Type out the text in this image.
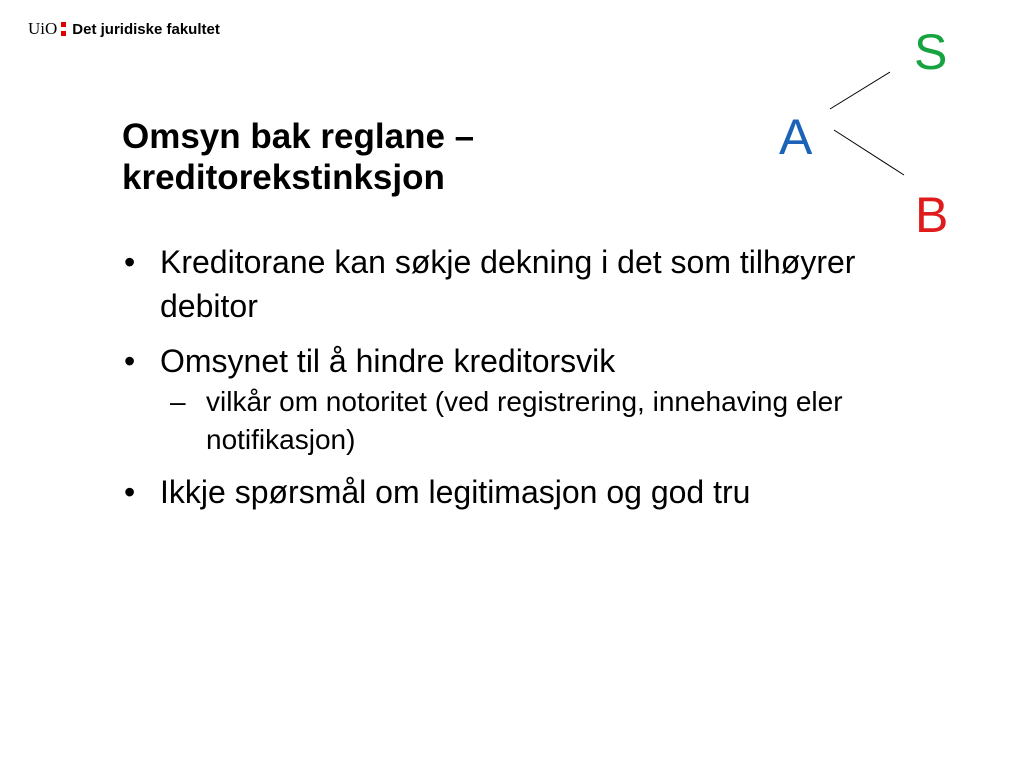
UiO Det juridiske fakultet
Omsyn bak reglane –
kreditorekstinksjon
• Kreditorane kan søkje dekning i det som tilhøyrer debitor
• Omsynet til å hindre kreditorsvik
– vilkår om notoritet (ved registrering, innehaving eler notifikasjon)
• Ikkje spørsmål om legitimasjon og god tru
S
A
B
